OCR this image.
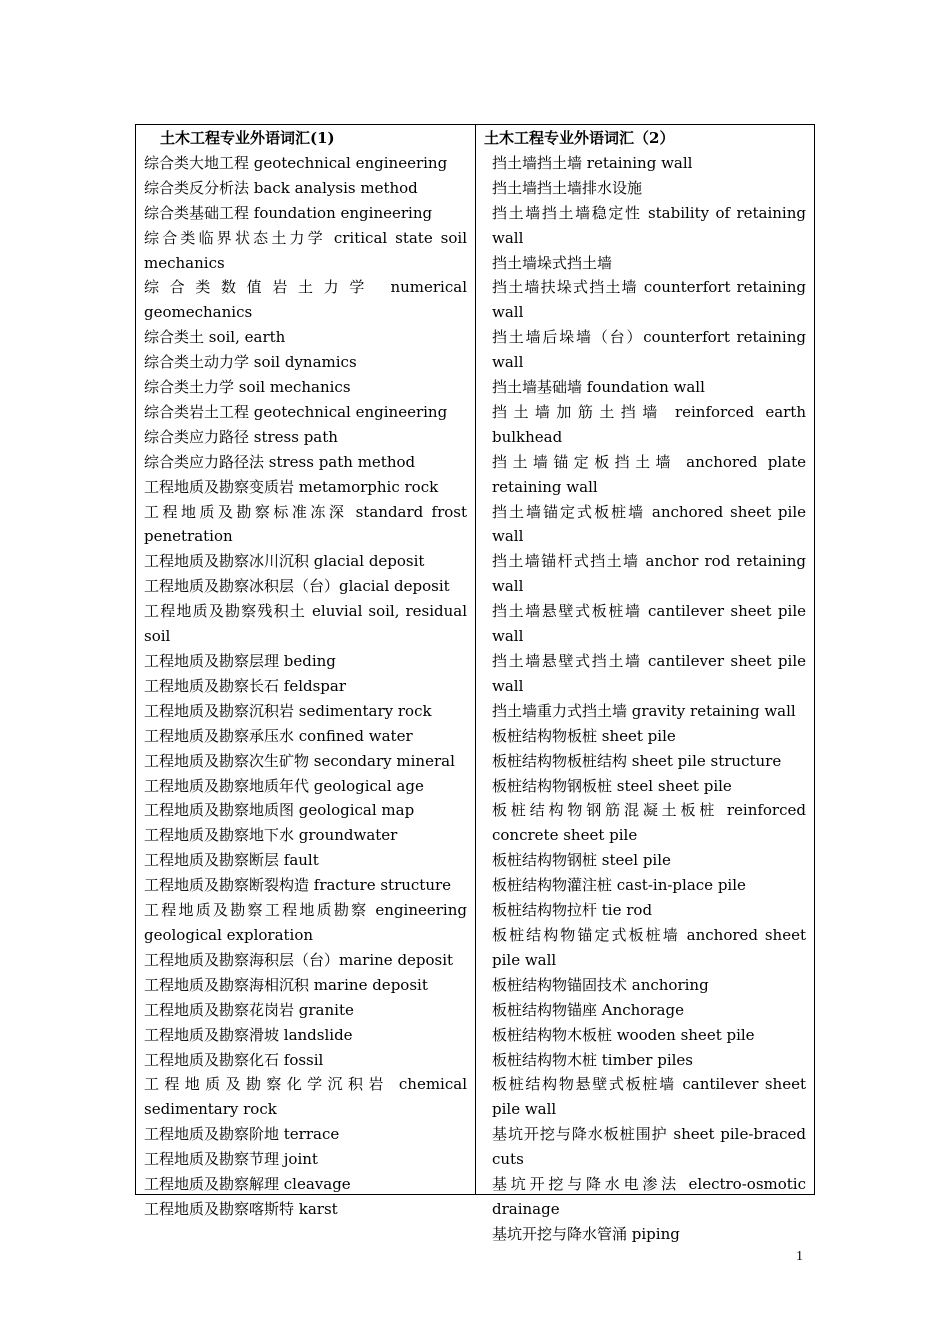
土木工程专业外语词汇(1)
综合类大地工程 geotechnical engineering
综合类反分析法 back analysis method
综合类基础工程 foundation engineering
综合类临界状态土力学 critical state soil mechanics
综合类数值岩土力学 numerical geomechanics
综合类土 soil, earth
综合类土动力学 soil dynamics
综合类土力学 soil mechanics
综合类岩土工程 geotechnical engineering
综合类应力路径 stress path
综合类应力路径法 stress path method
工程地质及勘察变质岩 metamorphic rock
工程地质及勘察标准冻深 standard frost penetration
工程地质及勘察冰川沉积 glacial deposit
工程地质及勘察冰积层（台）glacial deposit
工程地质及勘察残积土 eluvial soil, residual soil
工程地质及勘察层理 beding
工程地质及勘察长石 feldspar
工程地质及勘察沉积岩 sedimentary rock
工程地质及勘察承压水 confined water
工程地质及勘察次生矿物 secondary mineral
工程地质及勘察地质年代 geological age
工程地质及勘察地质图 geological map
工程地质及勘察地下水 groundwater
工程地质及勘察断层 fault
工程地质及勘察断裂构造 fracture structure
工程地质及勘察工程地质勘察 engineering geological exploration
工程地质及勘察海积层（台）marine deposit
工程地质及勘察海相沉积 marine deposit
工程地质及勘察花岗岩 granite
工程地质及勘察滑坡 landslide
工程地质及勘察化石 fossil
工程地质及勘察化学沉积岩 chemical sedimentary rock
工程地质及勘察阶地 terrace
工程地质及勘察节理 joint
工程地质及勘察解理 cleavage
工程地质及勘察喀斯特 karst
土木工程专业外语词汇（2）
挡土墙挡土墙 retaining wall
挡土墙挡土墙排水设施
挡土墙挡土墙稳定性 stability of retaining wall
挡土墙垛式挡土墙
挡土墙扶垛式挡土墙 counterfort retaining wall
挡土墙后垛墙（台）counterfort retaining wall
挡土墙基础墙 foundation wall
挡土墙加筋土挡墙 reinforced earth bulkhead
挡土墙锚定板挡土墙 anchored plate retaining wall
挡土墙锚定式板桩墙 anchored sheet pile wall
挡土墙锚杆式挡土墙 anchor rod retaining wall
挡土墙悬壁式板桩墙 cantilever sheet pile wall
挡土墙悬壁式挡土墙 cantilever sheet pile wall
挡土墙重力式挡土墙 gravity retaining wall
板桩结构物板桩 sheet pile
板桩结构物板桩结构 sheet pile structure
板桩结构物钢板桩 steel sheet pile
板桩结构物钢筋混凝土板桩 reinforced concrete sheet pile
板桩结构物钢桩 steel pile
板桩结构物灌注桩 cast-in-place pile
板桩结构物拉杆 tie rod
板桩结构物锚定式板桩墙 anchored sheet pile wall
板桩结构物锚固技术 anchoring
板桩结构物锚座 Anchorage
板桩结构物木板桩 wooden sheet pile
板桩结构物木桩 timber piles
板桩结构物悬壁式板桩墙 cantilever sheet pile wall
基坑开挖与降水板桩围护 sheet pile-braced cuts
基坑开挖与降水电渗法 electro-osmotic drainage
基坑开挖与降水管涌 piping
1
